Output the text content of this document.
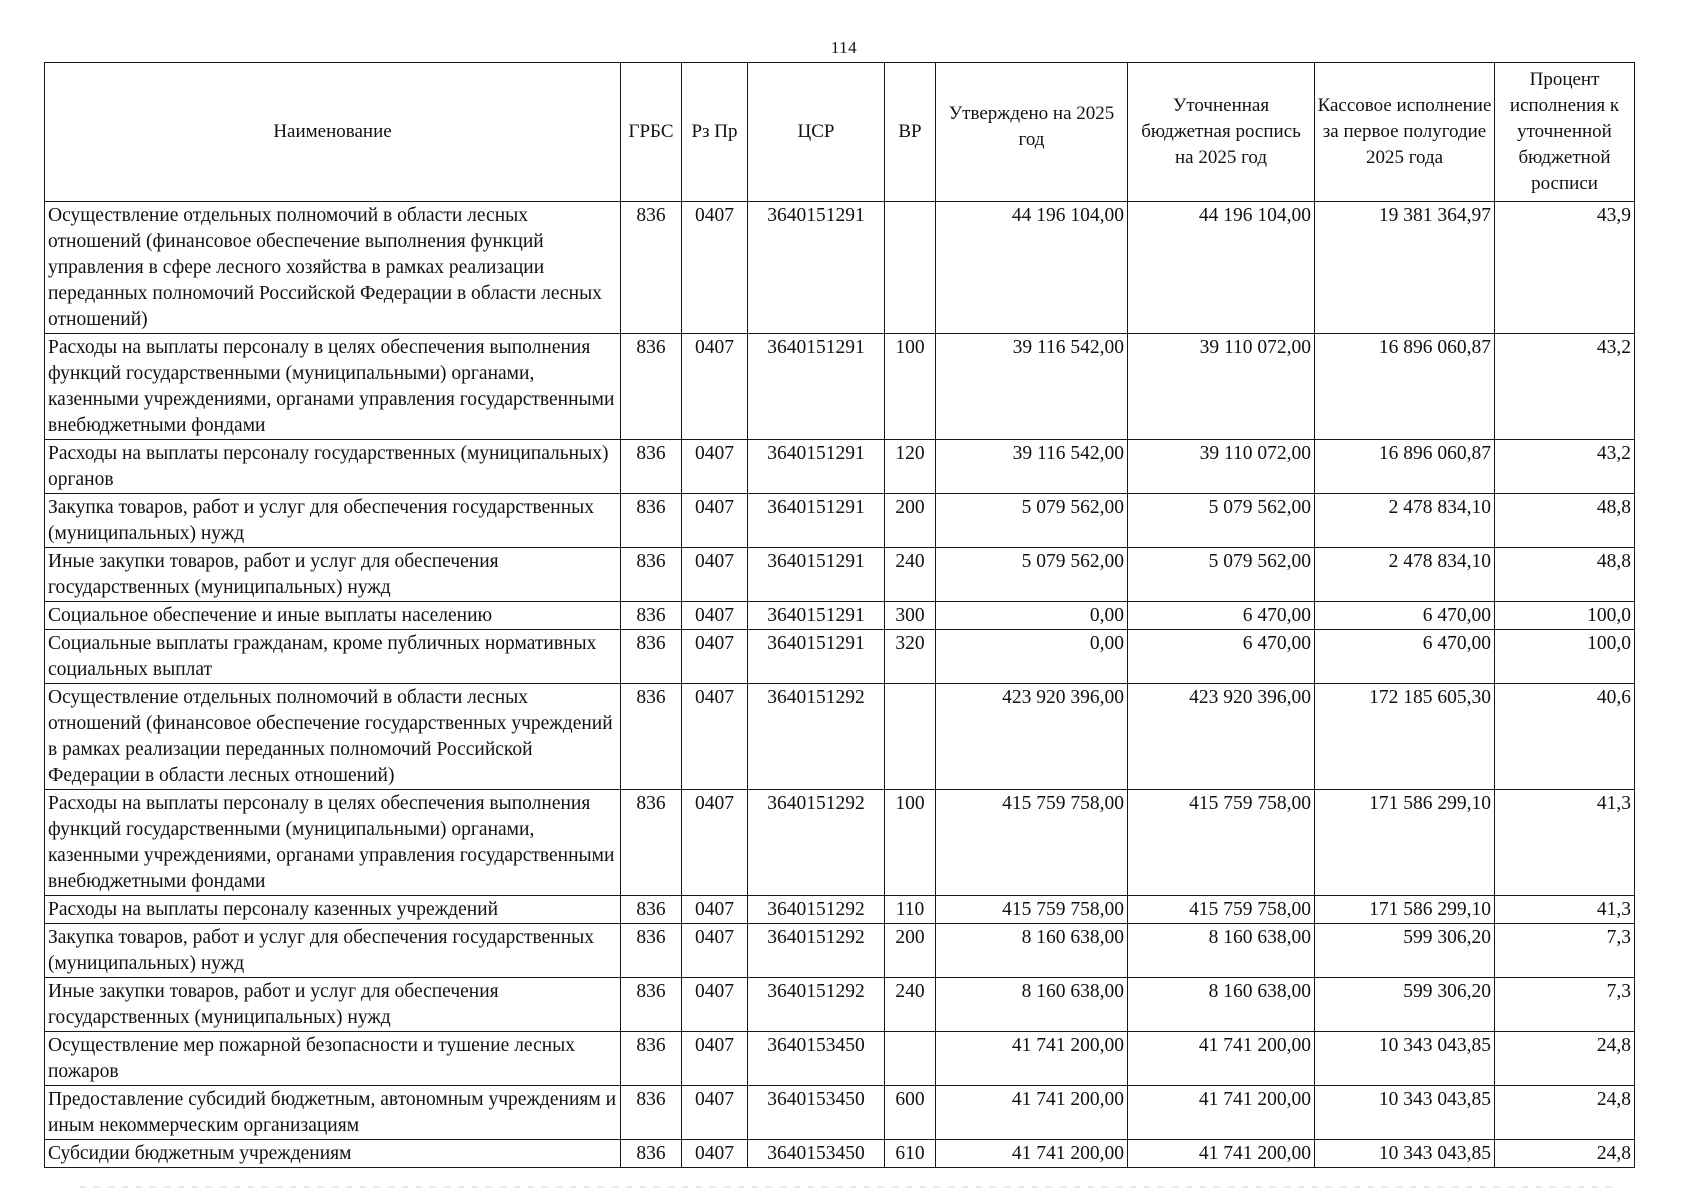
114
Наименование	ГРБС	Рз Пр	ЦСР	ВР	Утверждено на 2025 год	Уточненная бюджетная роспись на 2025 год	Кассовое исполнение за первое полугодие 2025 года	Процент исполнения к уточненной бюджетной росписи
Осуществление отдельных полномочий в области лесных отношений (финансовое обеспечение выполнения функций управления в сфере лесного хозяйства в рамках реализации переданных полномочий Российской Федерации в области лесных отношений)	836	0407	3640151291		44 196 104,00	44 196 104,00	19 381 364,97	43,9
Расходы на выплаты персоналу в целях обеспечения выполнения функций государственными (муниципальными) органами, казенными учреждениями, органами управления государственными внебюджетными фондами	836	0407	3640151291	100	39 116 542,00	39 110 072,00	16 896 060,87	43,2
Расходы на выплаты персоналу государственных (муниципальных) органов	836	0407	3640151291	120	39 116 542,00	39 110 072,00	16 896 060,87	43,2
Закупка товаров, работ и услуг для обеспечения государственных (муниципальных) нужд	836	0407	3640151291	200	5 079 562,00	5 079 562,00	2 478 834,10	48,8
Иные закупки товаров, работ и услуг для обеспечения государственных (муниципальных) нужд	836	0407	3640151291	240	5 079 562,00	5 079 562,00	2 478 834,10	48,8
Социальное обеспечение и иные выплаты населению	836	0407	3640151291	300	0,00	6 470,00	6 470,00	100,0
Социальные выплаты гражданам, кроме публичных нормативных социальных выплат	836	0407	3640151291	320	0,00	6 470,00	6 470,00	100,0
Осуществление отдельных полномочий в области лесных отношений (финансовое обеспечение государственных учреждений в рамках реализации переданных полномочий Российской Федерации в области лесных отношений)	836	0407	3640151292		423 920 396,00	423 920 396,00	172 185 605,30	40,6
Расходы на выплаты персоналу в целях обеспечения выполнения функций государственными (муниципальными) органами, казенными учреждениями, органами управления государственными внебюджетными фондами	836	0407	3640151292	100	415 759 758,00	415 759 758,00	171 586 299,10	41,3
Расходы на выплаты персоналу казенных учреждений	836	0407	3640151292	110	415 759 758,00	415 759 758,00	171 586 299,10	41,3
Закупка товаров, работ и услуг для обеспечения государственных (муниципальных) нужд	836	0407	3640151292	200	8 160 638,00	8 160 638,00	599 306,20	7,3
Иные закупки товаров, работ и услуг для обеспечения государственных (муниципальных) нужд	836	0407	3640151292	240	8 160 638,00	8 160 638,00	599 306,20	7,3
Осуществление мер пожарной безопасности и тушение лесных пожаров	836	0407	3640153450		41 741 200,00	41 741 200,00	10 343 043,85	24,8
Предоставление субсидий бюджетным, автономным учреждениям и иным некоммерческим организациям	836	0407	3640153450	600	41 741 200,00	41 741 200,00	10 343 043,85	24,8
Субсидии бюджетным учреждениям	836	0407	3640153450	610	41 741 200,00	41 741 200,00	10 343 043,85	24,8
